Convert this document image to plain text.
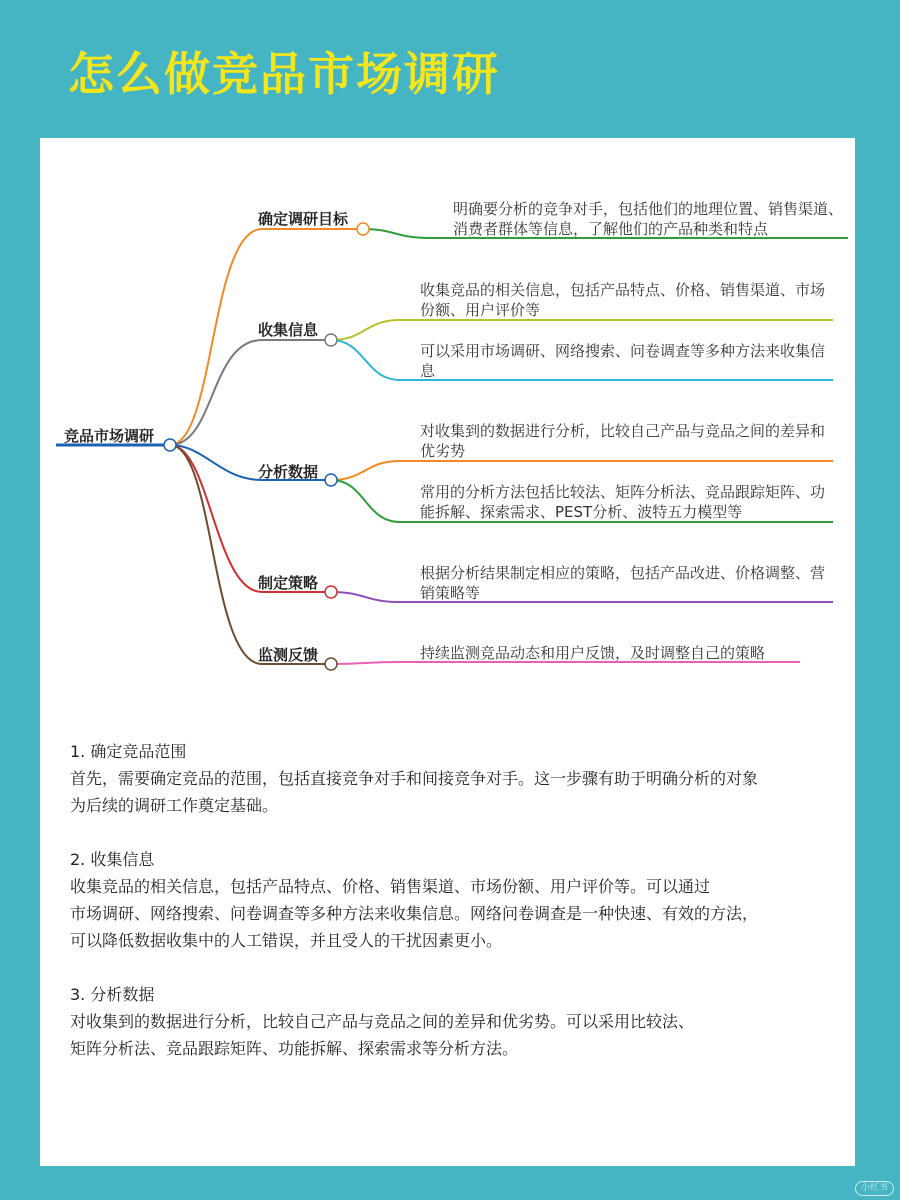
怎么做竞品市场调研
竞品市场调研
确定调研目标
收集信息
分析数据
制定策略
监测反馈
明确要分析的竞争对手，包括他们的地理位置、销售渠道、消费者群体等信息，了解他们的产品种类和特点
收集竞品的相关信息，包括产品特点、价格、销售渠道、市场份额、用户评价等
可以采用市场调研、网络搜索、问卷调查等多种方法来收集信息
对收集到的数据进行分析，比较自己产品与竞品之间的差异和优劣势
常用的分析方法包括比较法、矩阵分析法、竞品跟踪矩阵、功能拆解、探索需求、PEST分析、波特五力模型等
根据分析结果制定相应的策略，包括产品改进、价格调整、营销策略等
持续监测竞品动态和用户反馈，及时调整自己的策略

1. 确定竞品范围

首先，需要确定竞品的范围，包括直接竞争对手和间接竞争对手。这一步骤有助于明确分析的对象
为后续的调研工作奠定基础。

2. 收集信息

收集竞品的相关信息，包括产品特点、价格、销售渠道、市场份额、用户评价等。可以通过
市场调研、网络搜索、问卷调查等多种方法来收集信息。网络问卷调查是一种快速、有效的方法，
可以降低数据收集中的人工错误，并且受人的干扰因素更小。

3. 分析数据

对收集到的数据进行分析，比较自己产品与竞品之间的差异和优劣势。可以采用比较法、
矩阵分析法、竞品跟踪矩阵、功能拆解、探索需求等分析方法。

小红书
